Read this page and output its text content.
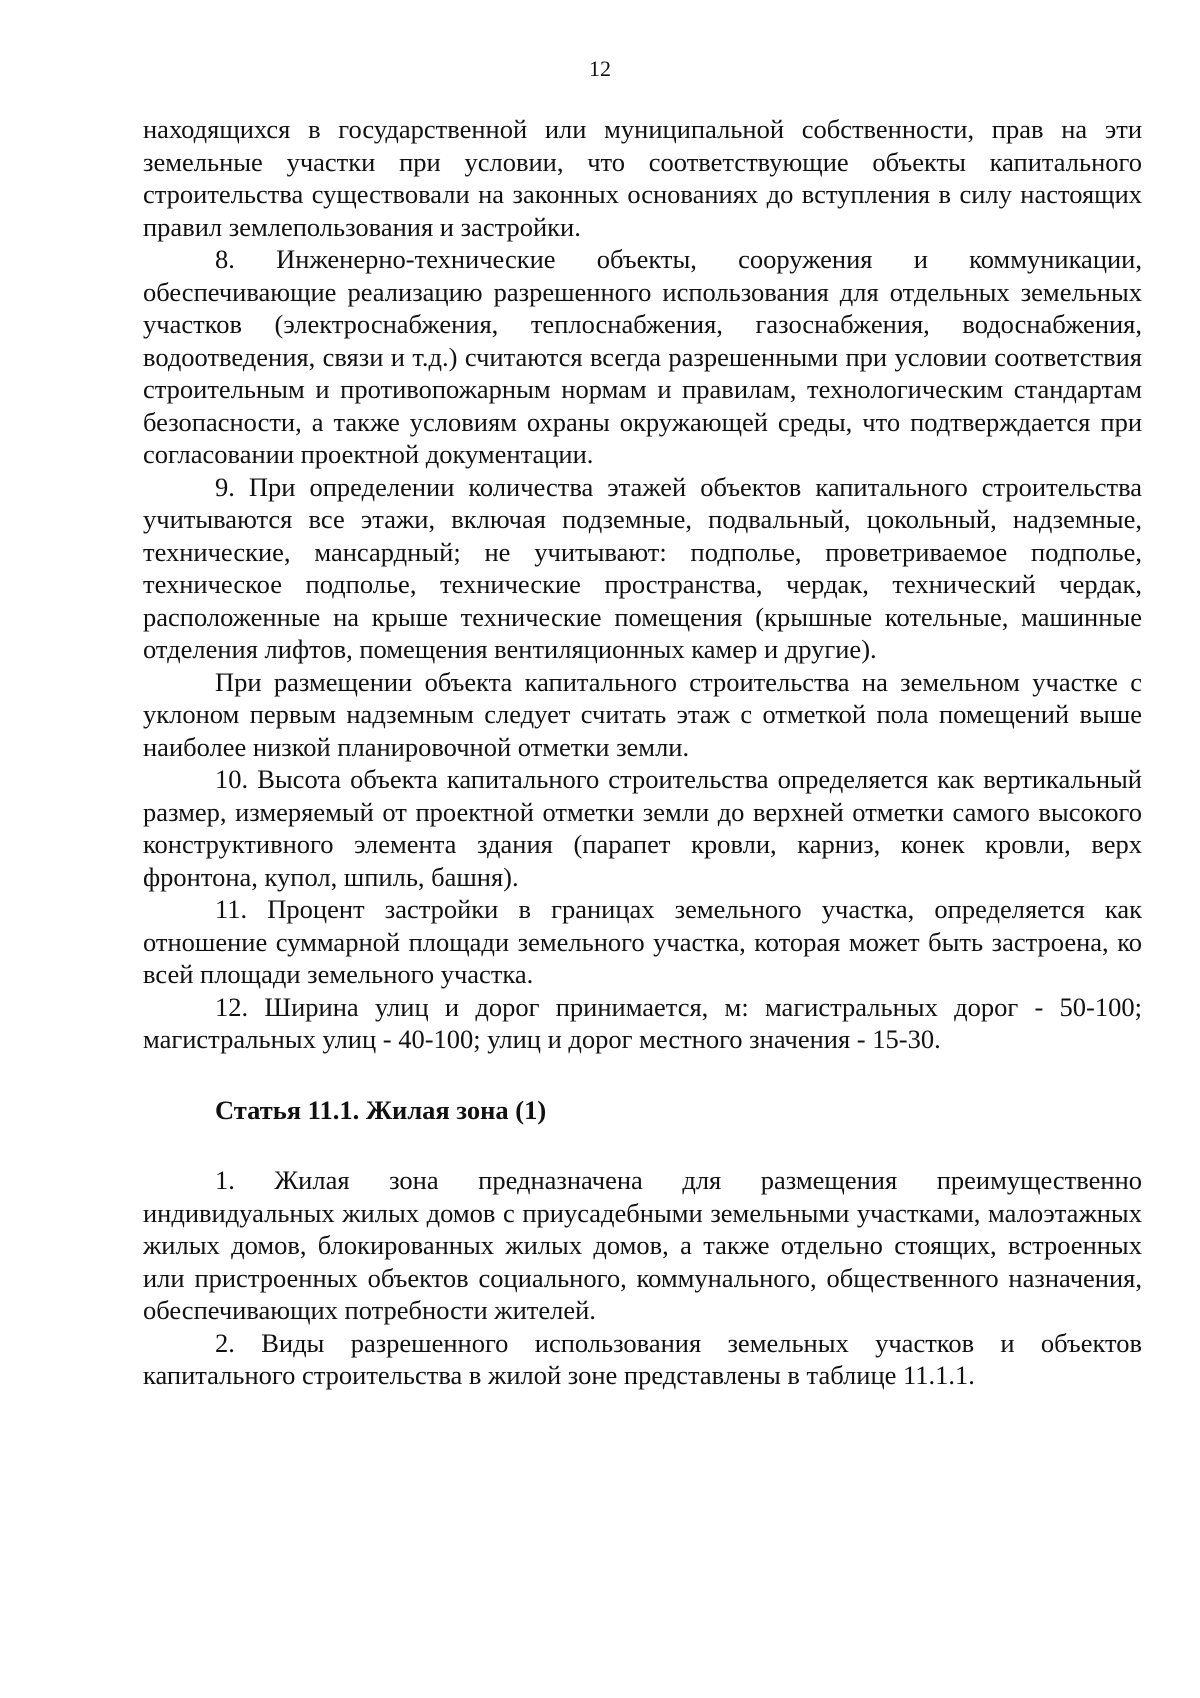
12

находящихся в государственной или муниципальной собственности, прав на эти земельные участки при условии, что соответствующие объекты капитального строительства существовали на законных основаниях до вступления в силу настоящих правил землепользования и застройки.

8. Инженерно-технические объекты, сооружения и коммуникации, обеспечивающие реализацию разрешенного использования для отдельных земельных участков (электроснабжения, теплоснабжения, газоснабжения, водоснабжения, водоотведения, связи и т.д.) считаются всегда разрешенными при условии соответствия строительным и противопожарным нормам и правилам, технологическим стандартам безопасности, а также условиям охраны окружающей среды, что подтверждается при согласовании проектной документации.

9. При определении количества этажей объектов капитального строительства учитываются все этажи, включая подземные, подвальный, цокольный, надземные, технические, мансардный; не учитывают: подполье, проветриваемое подполье, техническое подполье, технические пространства, чердак, технический чердак, расположенные на крыше технические помещения (крышные котельные, машинные отделения лифтов, помещения вентиляционных камер и другие).

При размещении объекта капитального строительства на земельном участке с уклоном первым надземным следует считать этаж с отметкой пола помещений выше наиболее низкой планировочной отметки земли.

10. Высота объекта капитального строительства определяется как вертикальный размер, измеряемый от проектной отметки земли до верхней отметки самого высокого конструктивного элемента здания (парапет кровли, карниз, конек кровли, верх фронтона, купол, шпиль, башня).

11. Процент застройки в границах земельного участка, определяется как отношение суммарной площади земельного участка, которая может быть застроена, ко всей площади земельного участка.

12. Ширина улиц и дорог принимается, м: магистральных дорог - 50-100; магистральных улиц - 40-100; улиц и дорог местного значения - 15-30.

Статья 11.1. Жилая зона (1)

1. Жилая зона предназначена для размещения преимущественно индивидуальных жилых домов с приусадебными земельными участками, малоэтажных жилых домов, блокированных жилых домов, а также отдельно стоящих, встроенных или пристроенных объектов социального, коммунального, общественного назначения, обеспечивающих потребности жителей.

2. Виды разрешенного использования земельных участков и объектов капитального строительства в жилой зоне представлены в таблице 11.1.1.
